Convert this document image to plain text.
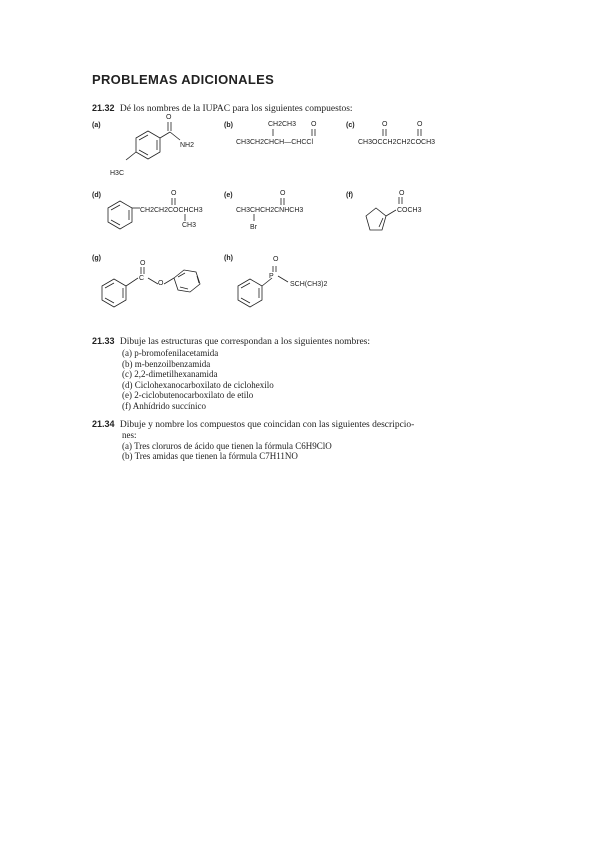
PROBLEMAS ADICIONALES
21.32 Dé los nombres de la IUPAC para los siguientes compuestos:
(a)
O
NH2
H3C
(b)	CH2CH3 O
CH3CH2CHCH—CHCCl
(c)	O	O
CH3OCCH2CH2COCH3
(d)	O
CH2CH2COCHCH3
CH3
(e)	O
CH3CHCH2CNHCH3
Br
(f)	O
COCH3
(g)
O
C
O
(h)	O
P
SCH(CH3)2
21.33 Dibuje las estructuras que correspondan a los siguientes nombres:
(a) p-bromofenilacetamida
(b) m-benzoilbenzamida
(c) 2,2-dimetilhexanamida
(d) Ciclohexanocarboxilato de ciclohexilo
(e) 2-ciclobutenocarboxilato de etilo
(f) Anhídrido succínico
21.34 Dibuje y nombre los compuestos que coincidan con las siguientes descripcio-
nes:
(a) Tres cloruros de ácido que tienen la fórmula C6H9ClO
(b) Tres amidas que tienen la fórmula C7H11NO
